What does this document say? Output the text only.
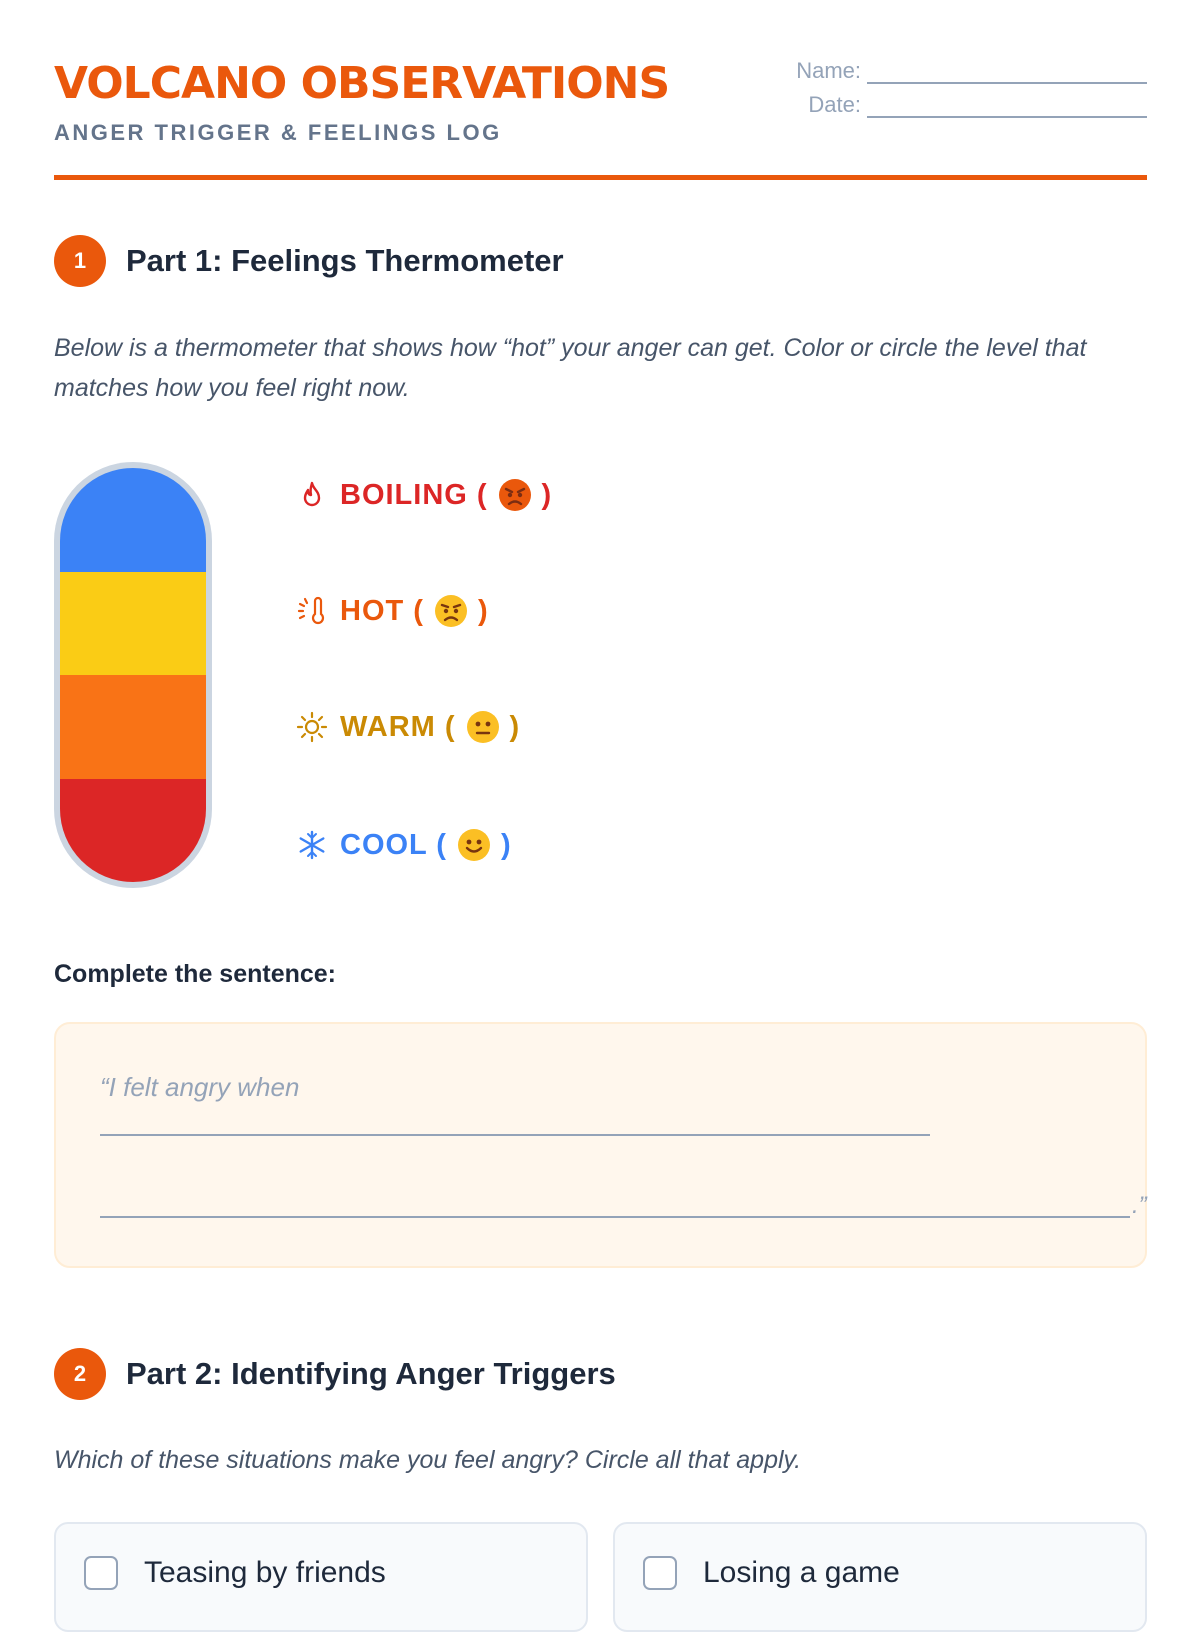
VOLCANO OBSERVATIONS
ANGER TRIGGER & FEELINGS LOG
Name:
Date:
1	Part 1: Feelings Thermometer
Below is a thermometer that shows how “hot” your anger can get. Color or circle the level that matches how you feel right now.
BOILING ( )
HOT ( )
WARM ( )
COOL ( )
Complete the sentence:
“I felt angry when
.”
2	Part 2: Identifying Anger Triggers
Which of these situations make you feel angry? Circle all that apply.
Teasing by friends	Losing a game
